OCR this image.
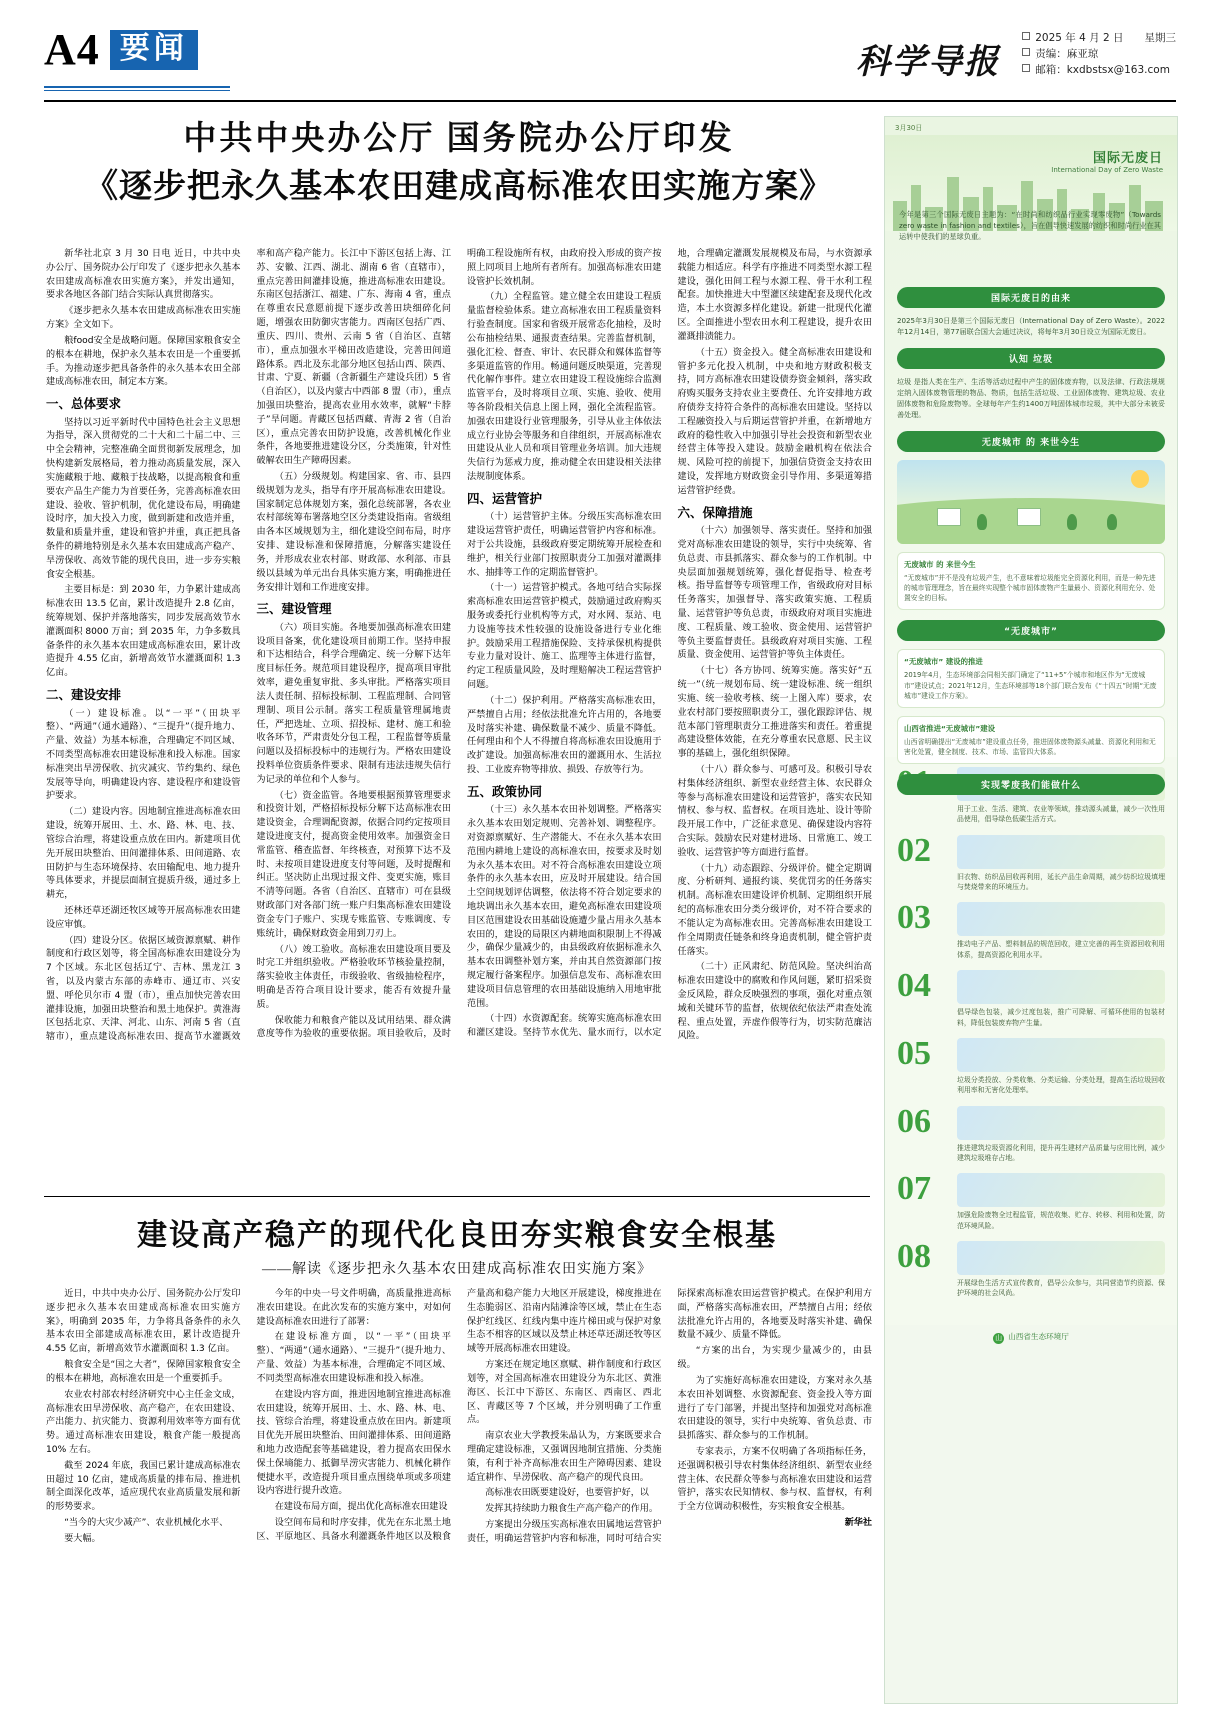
A4 要闻	科学导报
2025 年 4 月 2 日　　星期三
责编：麻亚琼
邮箱：kxdbstsx@163.com
中共中央办公厅 国务院办公厅印发
《逐步把永久基本农田建成高标准农田实施方案》

新华社北京 3 月 30 日电 近日，中共中央办公厅、国务院办公厅印发了《逐步把永久基本农田建成高标准农田实施方案》，并发出通知，要求各地区各部门结合实际认真贯彻落实。

《逐步把永久基本农田建成高标准农田实施方案》全文如下。

粮food安全是战略问题。保障国家粮食安全的根本在耕地，保护永久基本农田是一个重要抓手。为推动逐步把具备条件的永久基本农田全部建成高标准农田，制定本方案。

一、总体要求

坚持以习近平新时代中国特色社会主义思想为指导，深入贯彻党的二十大和二十届二中、三中全会精神，完整准确全面贯彻新发展理念，加快构建新发展格局，着力推动高质量发展，深入实施藏粮于地、藏粮于技战略，以提高粮食和重要农产品生产能力为首要任务，完善高标准农田建设、验收、管护机制，优化建设布局，明确建设时序，加大投入力度，做到新建和改造并重，数量和质量并重，建设和管护并重，真正把具备条件的耕地特别是永久基本农田建成高产稳产、旱涝保收、高效节能的现代良田，进一步夯实粮食安全根基。

主要目标是：到 2030 年，力争累计建成高标准农田 13.5 亿亩，累计改造提升 2.8 亿亩，统筹规划、保护并落地落实，同步发展高效节水灌溉面积 8000 万亩；到 2035 年，力争多数具备条件的永久基本农田建成高标准农田，累计改造提升 4.55 亿亩，新增高效节水灌溉面积 1.3 亿亩。

二、建设安排

（一）建设标准。以“一平”（田块平整）、“两通”（通水通路）、“三提升”（提升地力、产量、效益）为基本标准，合理确定不同区域、不同类型高标准农田建设标准和投入标准。国家标准突出旱涝保收、抗灾减灾、节约集约、绿色发展等导向，明确建设内容、建设程序和建设管护要求。

（二）建设内容。因地制宜推进高标准农田建设，统筹开展田、土、水、路、林、电、技、管综合治理，将建设重点放在田内。新建项目优先开展田块整治、田间灌排体系、田间道路、农田防护与生态环境保持、农田输配电、地力提升等具体要求，并提层面制宜提质升级，通过多上耕充，

还林还草还湖还牧区域等开展高标准农田建设应审慎。

（四）建设分区。依据区域资源禀赋、耕作制度和行政区划等，将全国高标准农田建设分为 7 个区域。东北区包括辽宁、吉林、黑龙江 3 省，以及内蒙古东部的赤峰市、通辽市、兴安盟、呼伦贝尔市 4 盟（市），重点加快完善农田灌排设施，加强田块整治和黑土地保护。黄淮海区包括北京、天津、河北、山东、河南 5 省（直辖市），重点建设高标准农田、提高节水灌溉效率和高产稳产能力。长江中下游区包括上海、江苏、安徽、江西、湖北、湖南 6 省（直辖市），重点完善田间灌排设施，推进高标准农田建设。东南区包括浙江、福建、广东、海南 4 省，重点在尊重农民意愿前提下逐步改善田块细碎化问题，增强农田防御灾害能力。西南区包括广西、重庆、四川、贵州、云南 5 省（自治区、直辖市），重点加强水平梯田改造建设，完善田间道路体系。西北及东北部分地区包括山西、陕西、甘肃、宁夏、新疆（含新疆生产建设兵团）5 省（自治区），以及内蒙古中西部 8 盟（市），重点加强田块整治，提高农业用水效率，就解“卡脖子”旱问题。青藏区包括西藏、青海 2 省（自治区），重点完善农田防护设施，改善机械化作业条件，各地要推进建设分区，分类施策，针对性破解农田生产障碍因素。

（五）分级规划。构建国家、省、市、县四级规划为龙头，指导有序开展高标准农田建设。国家制定总体规划方案，强化总统部署，各农业农村部统筹布署落地空区分类建设指南。省级组由各本区域规划为主，细化建设空间布局，时序安排、建设标准和保障措施，分解落实建设任务，并形成农业农村部、财政部、水利部、市县级以县域为单元出台具体实施方案，明确推进任务安排计划和工作进度安排。

三、建设管理

（六）项目实施。各地要加强高标准农田建设项目备案，优化建设项目前期工作。坚持申报和下达相结合，科学合理确定、统一分解下达年度目标任务。规范项目建设程序，提高项目审批效率，避免重复审批、多头审批。严格落实项目法人责任制、招标投标制、工程监理制、合同管理制、项目公示制。落实工程质量管理属地责任，严把选址、立项、招投标、建材、施工和验收各环节，严肃责处分包工程，工程监督等质量问题以及招标投标中的违规行为。严格农田建设投料单位资质条件要求、限制有违法违规失信行为记录的单位和个人参与。

（七）资金监管。各地要根据预算管理要求和投资计划，严格招标投标分解下达高标准农田建设资金，合理调配资源，依据合同约定按项目建设进度支付，提高资金使用效率。加强资金日常监管、稽查监督、年终核查，对预算下达不及时、未按项目建设进度支付等问题，及时提醒和纠正。坚决防止出现过报文件、变更实施，账目不清等问题。各省（自治区、直辖市）可在县级财政部门对各部门统一账户归集高标准农田建设资金专门子账户、实现专账监管、专账调度、专账统计，确保财政资金用到刀刃上。

（八）竣工验收。高标准农田建设项目要及时完工并组织验收。严格验收环节核验量控制，落实验收主体责任，市级验收、省级抽检程序，明确是否符合项目设计要求，能否有效提升量质。

保收能力和粮食产能以及试用结果、群众满意度等作为验收的重要依据。项目验收后，及时明确工程设施所有权，由政府投入形成的资产按照上同项目上地所有者所有。加强高标准农田建设管护长效机制。

（九）全程监管。建立健全农田建设工程质量监督检验体系。建立高标准农田工程质量资料行验查制度。国家和省级开展常态化抽检，及时公布抽检结果、通报责查结果。完善监督机制，强化汇检、督查、审计、农民群众和媒体监督等多渠道监管的作用。畅通问题反映渠道，完善现代化解作事件。建立农田建设工程设施综合监测监管平台，及时将项目立项、实施、验收、使用等各阶段相关信息上图上网，强化全流程监管。加强农田建设行业管理服务，引导从业主体依法成立行业协会等服务和自律组织，开展高标准农田建设从业人员和项目管理业务培训。加大违规失信行为惩戒力度，推动健全农田建设相关法律法规制度体系。

四、运营管护

（十）运营管护主体。分级压实高标准农田建设运营管护责任，明确运营管护内容和标准。对于公共设施，县级政府要定期统筹开展检查和维护，相关行业部门按照职责分工加强对灌溉排水、抽排等工作的定期监督管护。

（十一）运营管护模式。各地可结合实际探索高标准农田运营管护模式，鼓励通过政府购买服务或委托行业机构等方式，对水网、泵站、电力设施等技术性较强的设施设备进行专业化维护。鼓励采用工程措施保险、支持承保机构提供专业力量对设计、施工、监理等主体进行监督，约定工程质量风险，及时理赔解决工程运营管护问题。

（十二）保护利用。严格落实高标准农田，严禁擅自占用；经依法批准允许占用的，各地要及时落实补建、确保数量不减少、质量不降低。任何理由和个人不得擅自将高标准农田设施用于改扩建设。加强高标准农田的灌溉用水、生活拉投、工业废弃物等排放、损毁、存放等行为。

五、政策协同

（十三）永久基本农田补划调整。严格落实永久基本农田划定规则、完善补划、调整程序。对资源禀赋好、生产潜能大、不在永久基本农田范围内耕地上建设的高标准农田，按要求及时划为永久基本农田。对不符合高标准农田建设立项条件的永久基本农田，应及时开展建设。结合国土空间规划评估调整，依法将不符合划定要求的地块调出永久基本农田，避免高标准农田建设项目区范围建设农田基础设施遭少量占用永久基本农田的，建设的局限区内耕地面积限制上不得减少，确保少量减少的，由县级政府依据标准永久基本农田调整补划方案，并由其自然资源部门按规定履行备案程序。加强信息发布、高标准农田建设项目信息管理的农田基础设施纳入用地审批范围。

（十四）水资源配套。统筹实施高标准农田和灌区建设。坚持节水优先、量水而行，以水定地，合理确定灌溉发展规模及布局，与水资源承载能力相适应。科学有序推进不同类型水源工程建设，强化田间工程与水源工程、骨干水利工程配套。加快推进大中型灌区续建配套及现代化改造，本土水资源多样化建设。新建一批现代化灌区。全面推进小型农田水利工程建设，提升农田灌溉排渍能力。

（十五）资金投入。健全高标准农田建设和管护多元化投入机制，中央和地方财政积极支持，同方高标准农田建设债券资金倾斜，落实政府购买服务支持农业主要费任、允许安排地方政府债券支持符合条件的高标准农田建设。坚持以工程融资投入与后期运营管护并重，在新增地方政府的稳性收入中加强引导社会投资和新型农业经营主体等投入建设。鼓励金融机构在依法合规、风险可控的前提下，加强信贷资金支持农田建设，发挥地方财政资金引导作用、多渠道筹措运营管护经费。

六、保障措施

（十六）加强领导、落实责任。坚持和加强党对高标准农田建设的领导，实行中央统筹、省负总责、市县抓落实、群众参与的工作机制。中央层面加强规划统筹，强化督促指导、检查考核。指导监督等专项管理工作，省级政府对目标任务落实，加强督导、落实政策实施、工程质量、运营管护等负总责，市级政府对项目实施进度、工程质量、竣工验收、资金使用、运营管护等负主要监督责任。县级政府对项目实施、工程质量、资金使用、运营管护等负主体责任。

（十七）各方协同、统筹实施。落实好“五统一”（统一规划布局、统一建设标准、统一组织实施、统一验收考核、统一上图入库）要求，农业农村部门要按照职责分工，强化跟踪评估、规范本部门管理职责分工推进落实和责任。着重提高建设整体效能，在充分尊重农民意愿、民主议事的基础上，强化组织保障。

（十八）群众参与、可感可及。积极引导农村集体经济组织、新型农业经营主体、农民群众等参与高标准农田建设和运营管护，落实农民知情权、参与权、监督权。在项目选址、设计等阶段开展工作中，广泛征求意见、确保建设内容符合实际。鼓励农民对建材进场、日常施工、竣工验收、运营管护等方面进行监督。

（十九）动态跟踪、分级评价。健全定期调度、分析研判、通报约谈、奖优罚劣的任务落实机制。高标准农田建设评价机制、定期组织开展纪的高标准农田分类分级评价，对不符合要求的不能认定为高标准农田。完善高标准农田建设工作全周期责任链条和终身追责机制，健全管护责任落实。

（二十）正风肃纪、防范风险。坚决纠治高标准农田建设中的腐败和作风问题，紧盯招采资金反风险，群众反映强烈的事项，强化对重点领域和关键环节的监督，依规依纪依法严肃查处流程、重点处置，弄虚作假等行为，切实防范廉洁风险。

建设高产稳产的现代化良田夯实粮食安全根基
——解读《逐步把永久基本农田建成高标准农田实施方案》

近日，中共中央办公厅、国务院办公厅发印逐步把永久基本农田建成高标准农田实施方案》，明确到 2035 年，力争将具备条件的永久基本农田全部建成高标准农田，累计改造提升 4.55 亿亩，新增高效节水灌溉面积 1.3 亿亩。

粮食安全是“国之大者”，保障国家粮食安全的根本在耕地，高标准农田是一个重要抓手。

农业农村部农村经济研究中心主任金文成，高标准农田旱涝保收、高产稳产，在农田建设、产出能力、抗灾能力、资源利用效率等方面有优势。通过高标准农田建设，粮食产能一般提高 10% 左右。

截至 2024 年底，我国已累计建成高标准农田超过 10 亿亩，建成高质量的排布局、推进机制全面深化改革，适应现代农业高质量发展和新的形势要求。

“当今的大灾少减产”、农业机械化水平、

要大幅。

今年的中央一号文件明确，高质量推进高标准农田建设。在此次发布的实施方案中，对如何建设高标准农田进行了部署：

在建设标准方面，以“一平”（田块平整）、“两通”（通水通路）、“三提升”（提升地力、产量、效益）为基本标准，合理确定不同区域、不同类型高标准农田建设标准和投入标准。

在建设内容方面，推进因地制宜推进高标准农田建设，统筹开展田、土、水、路、林、电、技、管综合治理，将建设重点放在田内。新建项目优先开展田块整治、田间灌排体系、田间道路和地力改造配套等基础建设，着力提高农田保水保土保墒能力、抵御旱涝灾害能力、机械化耕作便捷水平，改造提升项目重点围绕单项或多项建设内容进行提升改造。

在建设布局方面，提出优化高标准农田建设

设空间布局和时序安排，优先在东北黑土地区、平原地区、具备水利灌溉条件地区以及粮食产量高和稳产能力大地区开展建设，梯度推进在生态脆弱区、沿南内陆滩涂等区域，禁止在生态保护红线区、红线内集中连片梯田或与保护对象生态不相容的区域以及禁止林还草还湖还牧等区域等开展高标准农田建设。

方案还在规定地区禀赋、耕作制度和行政区划等，对全国高标准农田建设分为东北区、黄淮海区、长江中下游区、东南区、西南区、西北区、青藏区等 7 个区域，并分别明确了工作重点。

南京农业大学教授朱晶认为，方案既要求合理确定建设标准，又强调因地制宜措施、分类施策，有利于补齐高标准农田生产障碍因素、建设适宜耕作、旱涝保收、高产稳产的现代良田。

高标准农田既要建设好，也要管护好，以

发挥其持续助力粮食生产高产稳产的作用。

方案提出分级压实高标准农田属地运营管护责任，明确运营管护内容和标准，同时可结合实际探索高标准农田运营管护模式。在保护利用方面，严格落实高标准农田，严禁擅自占用；经依法批准允许占用的，各地要及时落实补建、确保数量不减少、质量不降低。

“方案的出台，为实现少量减少的，由县级。

为了实施好高标准农田建设，方案对永久基本农田补划调整、水资源配套、资金投入等方面进行了专门部署，并提出坚持和加强党对高标准农田建设的领导，实行中央统筹、省负总责、市县抓落实、群众参与的工作机制。

专家表示，方案不仅明确了各项指标任务，还强调积极引导农村集体经济组织、新型农业经营主体、农民群众等参与高标准农田建设和运营管护，落实农民知情权、参与权、监督权，有利于全方位调动积极性，夯实粮食安全根基。

新华社

3月30日
国际无废日
International Day of Zero Waste
今年是第三个国际无废日主题为：“在时尚和纺织品行业实现零废物”（Towards zero waste in fashion and textiles），旨在倡导快速发展的纺织和时尚行业在其运转中使我们的星球负重。
国际无废日的由来
2025年3月30日是第三个国际无废日（International Day of Zero Waste）。2022年12月14日，第77届联合国大会通过决议，将每年3月30日设立为国际无废日。
认知 垃圾
垃圾 是指人类在生产、生活等活动过程中产生的固体废弃物，以及法律、行政法规规定纳入固体废物管理的物品、物质，包括生活垃圾、工业固体废物、建筑垃圾、农业固体废物和危险废物等。全球每年产生约1400万吨固体城市垃圾，其中大部分未被妥善处理。
无废城市 的 来世今生
无废城市 的 来世今生
“无废城市”并不是没有垃圾产生，也不意味着垃圾能完全资源化利用，而是一种先进的城市管理理念，旨在最终实现整个城市固体废物产生量最小、资源化利用充分、处置安全的目标。
“无废城市”
“无废城市” 建设的推进
2019年4月，生态环境部会同相关部门确定了“11+5”个城市和地区作为“无废城市”建设试点；2021年12月，生态环境部等18个部门联合发布《“十四五”时期“无废城市”建设工作方案》。
山西省推进“无废城市”建设
山西省明确提出“无废城市”建设重点任务，推进固体废物源头减量、资源化利用和无害化处置，健全制度、技术、市场、监管四大体系。
实现零废我们能做什么
用于工业、生活、建筑、农业等领域，推动源头减量，减少一次性用品使用，倡导绿色低碳生活方式。
02
旧衣物、纺织品回收再利用，延长产品生命周期，减少纺织垃圾填埋与焚烧带来的环境压力。
03
推动电子产品、塑料制品的规范回收，建立完善的再生资源回收利用体系，提高资源化利用水平。
04
倡导绿色包装，减少过度包装，推广可降解、可循环使用的包装材料，降低包装废弃物产生量。
05
垃圾分类投放、分类收集、分类运输、分类处理，提高生活垃圾回收利用率和无害化处理率。
06
推进建筑垃圾资源化利用，提升再生建材产品质量与应用比例，减少建筑垃圾堆存占地。
07
加强危险废物全过程监管，规范收集、贮存、转移、利用和处置，防范环境风险。
08
开展绿色生活方式宣传教育，倡导公众参与，共同营造节约资源、保护环境的社会风尚。
山 山西省生态环境厅
